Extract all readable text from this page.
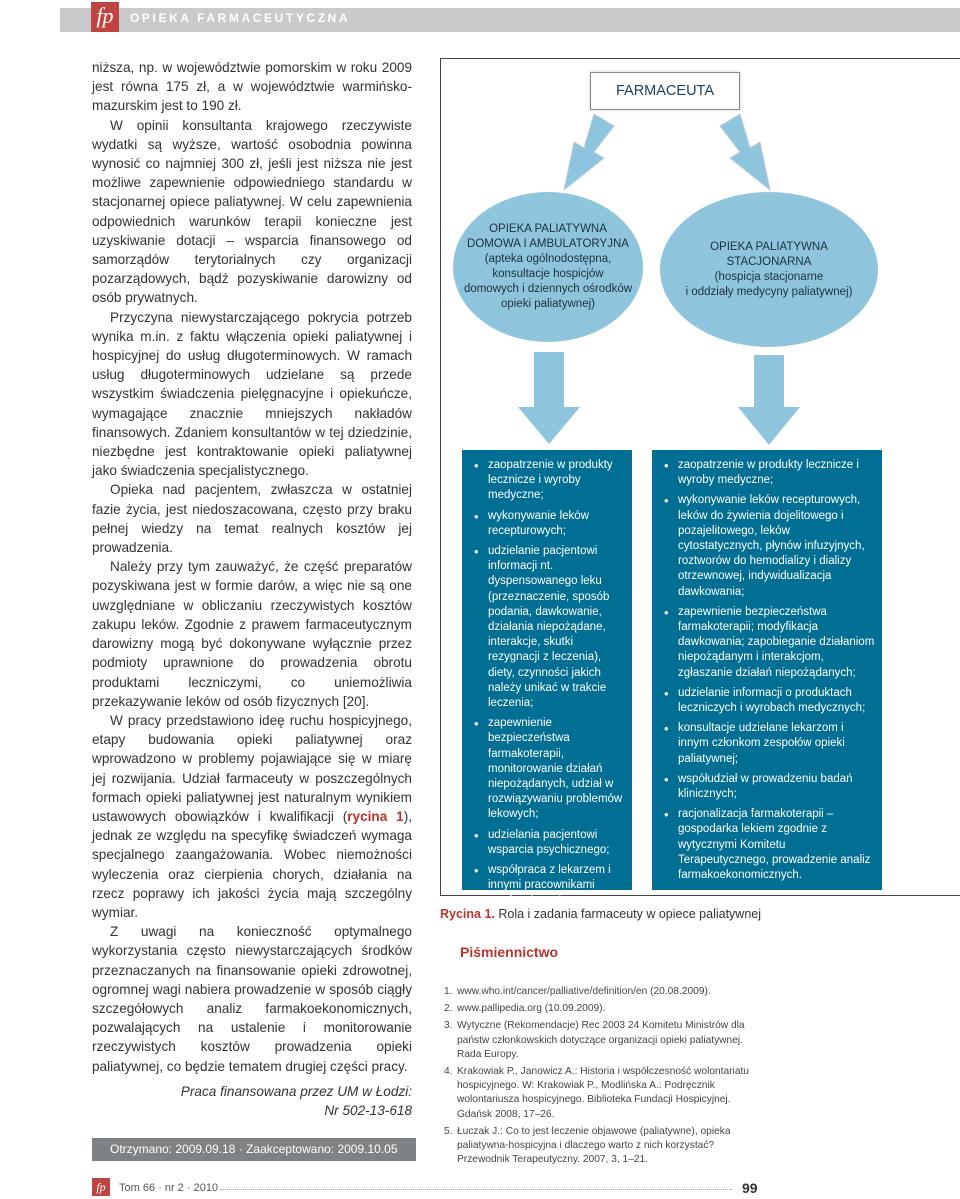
fp	OPIEKA FARMACEUTYCZNA

niższa, np. w województwie pomorskim w roku 2009 jest równa 175 zł, a w województwie warmińsko-mazurskim jest to 190 zł.

W opinii konsultanta krajowego rzeczywiste wydatki są wyższe, wartość osobodnia powinna wynosić co najmniej 300 zł, jeśli jest niższa nie jest możliwe zapewnienie odpowiedniego standardu w stacjonarnej opiece paliatywnej. W celu zapewnienia odpowiednich warunków terapii konieczne jest uzyskiwanie dotacji – wsparcia finansowego od samorządów terytorialnych czy organizacji pozarządowych, bądź pozyskiwanie darowizny od osób prywatnych.

Przyczyna niewystarczającego pokrycia potrzeb wynika m.in. z faktu włączenia opieki paliatywnej i hospicyjnej do usług długoterminowych. W ramach usług długoterminowych udzielane są przede wszystkim świadczenia pielęgnacyjne i opiekuńcze, wymagające znacznie mniejszych nakładów finansowych. Zdaniem konsultantów w tej dziedzinie, niezbędne jest kontraktowanie opieki paliatywnej jako świadczenia specjalistycznego.

Opieka nad pacjentem, zwłaszcza w ostatniej fazie życia, jest niedoszacowana, często przy braku pełnej wiedzy na temat realnych kosztów jej prowadzenia.

Należy przy tym zauważyć, że część preparatów pozyskiwana jest w formie darów, a więc nie są one uwzględniane w obliczaniu rzeczywistych kosztów zakupu leków. Zgodnie z prawem farmaceutycznym darowizny mogą być dokonywane wyłącznie przez podmioty uprawnione do prowadzenia obrotu produktami leczniczymi, co uniemożliwia przekazywanie leków od osób fizycznych [20].

W pracy przedstawiono ideę ruchu hospicyjnego, etapy budowania opieki paliatywnej oraz wprowadzono w problemy pojawiające się w miarę jej rozwijania. Udział farmaceuty w poszczególnych formach opieki paliatywnej jest naturalnym wynikiem ustawowych obowiązków i kwalifikacji (rycina 1), jednak ze względu na specyfikę świadczeń wymaga specjalnego zaangażowania. Wobec niemożności wyleczenia oraz cierpienia chorych, działania na rzecz poprawy ich jakości życia mają szczególny wymiar.

Z uwagi na konieczność optymalnego wykorzystania często niewystarczających środków przeznaczanych na finansowanie opieki zdrowotnej, ogromnej wagi nabiera prowadzenie w sposób ciągły szczegółowych analiz farmakoekonomicznych, pozwalających na ustalenie i monitorowanie rzeczywistych kosztów prowadzenia opieki paliatywnej, co będzie tematem drugiej części pracy.

Praca finansowana przez UM w Łodzi:
Nr 502-13-618
Otrzymano: 2009.09.18 · Zaakceptowano: 2009.10.05
FARMACEUTA
OPIEKA PALIATYWNA
DOMOWA I AMBULATORYJNA
(apteka ogólnodostępna,
konsultacje hospicjów
domowych i dziennych ośrodków
opieki paliatywnej)
OPIEKA PALIATYWNA
STACJONARNA
(hospicja stacjonarne
i oddziały medycyny paliatywnej)
• zaopatrzenie w produkty lecznicze i wyroby medyczne;
• wykonywanie leków recepturowych;
• udzielanie pacjentowi informacji nt. dyspensowanego leku (przeznaczenie, sposób podania, dawkowanie, działania niepożądane, interakcje, skutki rezygnacji z leczenia), diety, czynności jakich należy unikać w trakcie leczenia;
• zapewnienie bezpieczeństwa farmakoterapii, monitorowanie działań niepożądanych, udział w rozwiązywaniu problemów lekowych;
• udzielania pacjentowi wsparcia psychicznego;
• współpraca z lekarzem i innymi pracownikami opieki zdrowotnej.
• zaopatrzenie w produkty lecznicze i wyroby medyczne;
• wykonywanie leków recepturowych, leków do żywienia dojelitowego i pozajelitowego, leków cytostatycznych, płynów infuzyjnych, roztworów do hemodializy i dializy otrzewnowej, indywidualizacja dawkowania;
• zapewnienie bezpieczeństwa farmakoterapii; modyfikacja dawkowania; zapobieganie działaniom niepożądanym i interakcjom, zgłaszanie działań niepożądanych;
• udzielanie informacji o produktach leczniczych i wyrobach medycznych;
• konsultacje udzielane lekarzom i innym członkom zespołów opieki paliatywnej;
• współudział w prowadzeniu badań klinicznych;
• racjonalizacja farmakoterapii – gospodarka lekiem zgodnie z wytycznymi Komitetu Terapeutycznego, prowadzenie analiz farmakoekonomicznych.
Rycina 1. Rola i zadania farmaceuty w opiece paliatywnej
Piśmiennictwo
1. www.who.int/cancer/palliative/definition/en (20.08.2009).
2. www.pallipedia.org (10.09.2009).
3. Wytyczne (Rekomendacje) Rec 2003 24 Komitetu Ministrów dla państw członkowskich dotyczące organizacji opieki paliatywnej. Rada Europy.
4. Krakowiak P., Janowicz A.: Historia i współczesność wolontariatu hospicyjnego. W: Krakowiak P., Modlińska A.: Podręcznik wolontariusza hospicyjnego. Biblioteka Fundacji Hospicyjnej. Gdańsk 2008, 17–26.
5. Łuczak J.: Co to jest leczenie objawowe (paliatywne), opieka paliatywna-hospicyjna i dlaczego warto z nich korzystać? Przewodnik Terapeutyczny. 2007, 3, 1–21.
fp	Tom 66 · nr 2 · 2010	99
